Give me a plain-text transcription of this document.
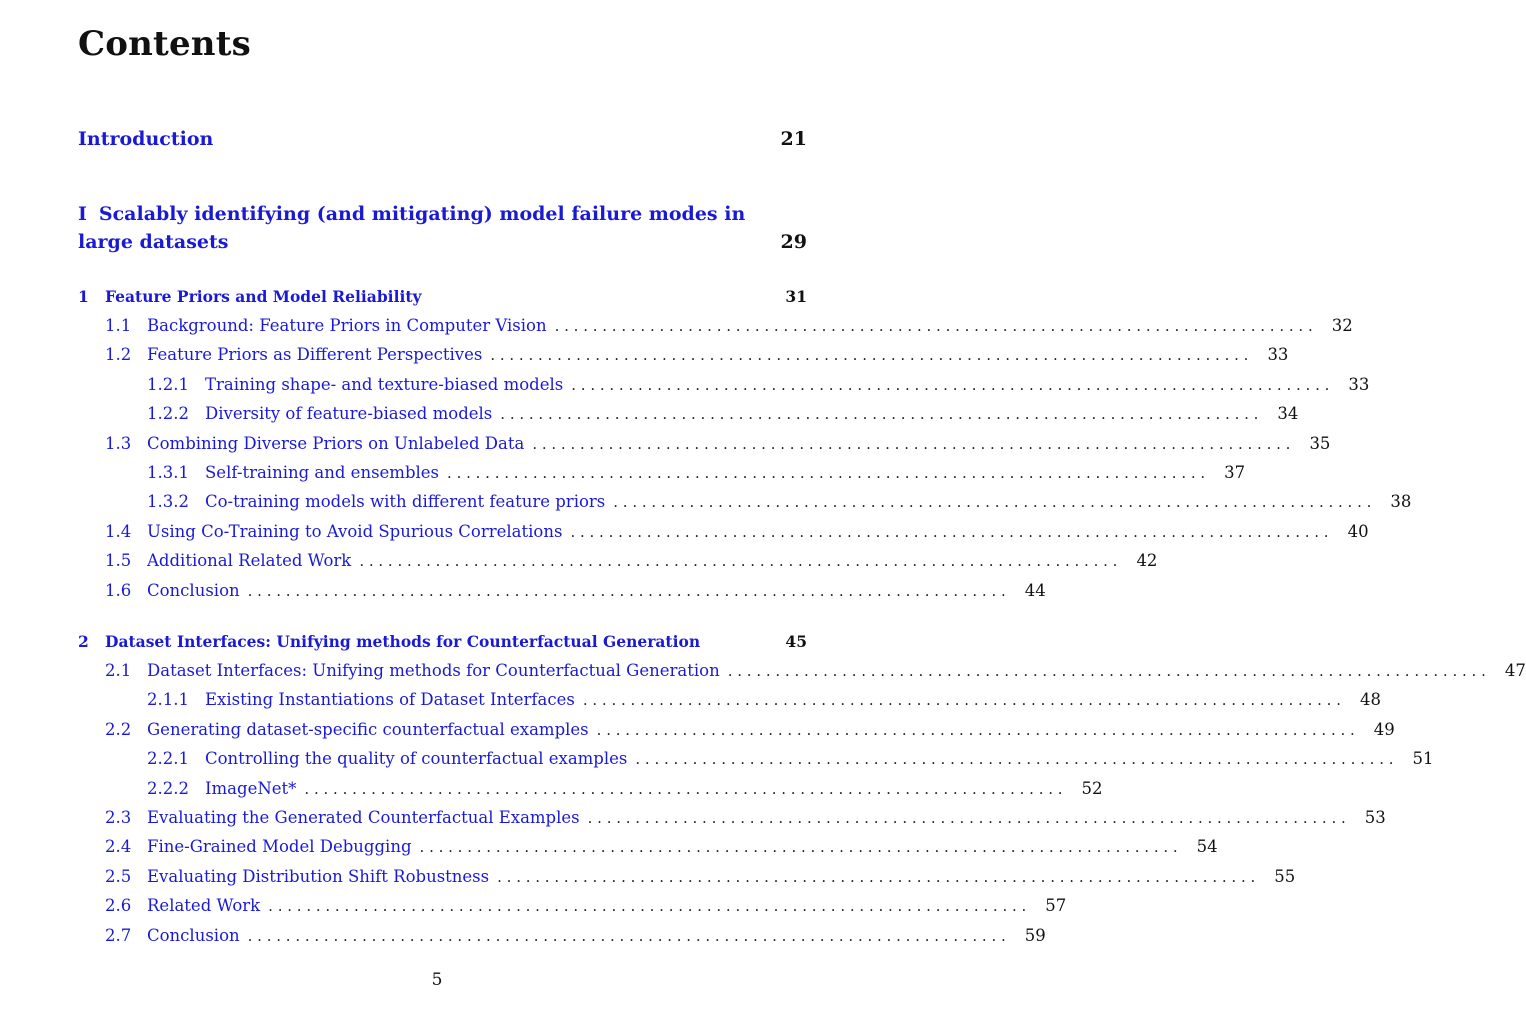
Contents
Introduction	21
I Scalably identifying (and mitigating) model failure modes in large datasets	29
1 Feature Priors and Model Reliability	31
1.1 Background: Feature Priors in Computer Vision . . . . . . . . . . . . . . . . . . . . . . . . . . . . . . . . . . . . . . . . . . . . . . . . . . . . . . . . . . . . . . . . . . . . . . . . . . . . . . . .	32
1.2 Feature Priors as Different Perspectives . . . . . . . . . . . . . . . . . . . . . . . . . . . . . . . . . . . . . . . . . . . . . . . . . . . . . . . . . . . . . . . . . . . . . . . . . . . . . . . .	33
1.2.1 Training shape- and texture-biased models . . . . . . . . . . . . . . . . . . . . . . . . . . . . . . . . . . . . . . . . . . . . . . . . . . . . . . . . . . . . . . . . . . . . . . . . . . . . . . . .	33
1.2.2 Diversity of feature-biased models . . . . . . . . . . . . . . . . . . . . . . . . . . . . . . . . . . . . . . . . . . . . . . . . . . . . . . . . . . . . . . . . . . . . . . . . . . . . . . . .	34
1.3 Combining Diverse Priors on Unlabeled Data . . . . . . . . . . . . . . . . . . . . . . . . . . . . . . . . . . . . . . . . . . . . . . . . . . . . . . . . . . . . . . . . . . . . . . . . . . . . . . . .	35
1.3.1 Self-training and ensembles . . . . . . . . . . . . . . . . . . . . . . . . . . . . . . . . . . . . . . . . . . . . . . . . . . . . . . . . . . . . . . . . . . . . . . . . . . . . . . . .	37
1.3.2 Co-training models with different feature priors . . . . . . . . . . . . . . . . . . . . . . . . . . . . . . . . . . . . . . . . . . . . . . . . . . . . . . . . . . . . . . . . . . . . . . . . . . . . . . . .	38
1.4 Using Co-Training to Avoid Spurious Correlations . . . . . . . . . . . . . . . . . . . . . . . . . . . . . . . . . . . . . . . . . . . . . . . . . . . . . . . . . . . . . . . . . . . . . . . . . . . . . . . .	40
1.5 Additional Related Work . . . . . . . . . . . . . . . . . . . . . . . . . . . . . . . . . . . . . . . . . . . . . . . . . . . . . . . . . . . . . . . . . . . . . . . . . . . . . . . .	42
1.6 Conclusion . . . . . . . . . . . . . . . . . . . . . . . . . . . . . . . . . . . . . . . . . . . . . . . . . . . . . . . . . . . . . . . . . . . . . . . . . . . . . . . .	44
2 Dataset Interfaces: Unifying methods for Counterfactual Generation	45
2.1 Dataset Interfaces: Unifying methods for Counterfactual Generation . . . . . . . . . . . . . . . . . . . . . . . . . . . . . . . . . . . . . . . . . . . . . . . . . . . . . . . . . . . . . . . . . . . . . . . . . . . . . . . .	47
2.1.1 Existing Instantiations of Dataset Interfaces . . . . . . . . . . . . . . . . . . . . . . . . . . . . . . . . . . . . . . . . . . . . . . . . . . . . . . . . . . . . . . . . . . . . . . . . . . . . . . . .	48
2.2 Generating dataset-specific counterfactual examples . . . . . . . . . . . . . . . . . . . . . . . . . . . . . . . . . . . . . . . . . . . . . . . . . . . . . . . . . . . . . . . . . . . . . . . . . . . . . . . .	49
2.2.1 Controlling the quality of counterfactual examples . . . . . . . . . . . . . . . . . . . . . . . . . . . . . . . . . . . . . . . . . . . . . . . . . . . . . . . . . . . . . . . . . . . . . . . . . . . . . . . .	51
2.2.2 ImageNet* . . . . . . . . . . . . . . . . . . . . . . . . . . . . . . . . . . . . . . . . . . . . . . . . . . . . . . . . . . . . . . . . . . . . . . . . . . . . . . . .	52
2.3 Evaluating the Generated Counterfactual Examples . . . . . . . . . . . . . . . . . . . . . . . . . . . . . . . . . . . . . . . . . . . . . . . . . . . . . . . . . . . . . . . . . . . . . . . . . . . . . . . .	53
2.4 Fine-Grained Model Debugging . . . . . . . . . . . . . . . . . . . . . . . . . . . . . . . . . . . . . . . . . . . . . . . . . . . . . . . . . . . . . . . . . . . . . . . . . . . . . . . .	54
2.5 Evaluating Distribution Shift Robustness . . . . . . . . . . . . . . . . . . . . . . . . . . . . . . . . . . . . . . . . . . . . . . . . . . . . . . . . . . . . . . . . . . . . . . . . . . . . . . . .	55
2.6 Related Work . . . . . . . . . . . . . . . . . . . . . . . . . . . . . . . . . . . . . . . . . . . . . . . . . . . . . . . . . . . . . . . . . . . . . . . . . . . . . . . .	57
2.7 Conclusion . . . . . . . . . . . . . . . . . . . . . . . . . . . . . . . . . . . . . . . . . . . . . . . . . . . . . . . . . . . . . . . . . . . . . . . . . . . . . . . .	59
5
